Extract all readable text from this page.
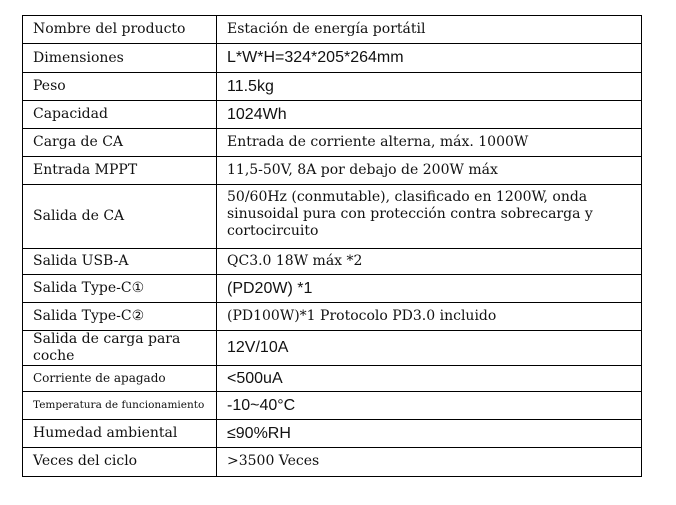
Nombre del producto	Estación de energía portátil
Dimensiones	L*W*H=324*205*264mm
Peso	11.5kg
Capacidad	1024Wh
Carga de CA	Entrada de corriente alterna, máx. 1000W
Entrada MPPT	11,5-50V, 8A por debajo de 200W máx
Salida de CA	50/60Hz (conmutable), clasificado en 1200W, onda sinusoidal pura con protección contra sobrecarga y cortocircuito
Salida USB-A	QC3.0 18W máx *2
Salida Type-C①	(PD20W) *1
Salida Type-C②	(PD100W)*1 Protocolo PD3.0 incluido
Salida de carga para coche	12V/10A
Corriente de apagado	<500uA
Temperatura de funcionamiento	-10~40°C
Humedad ambiental	≤90%RH
Veces del ciclo	>3500 Veces
